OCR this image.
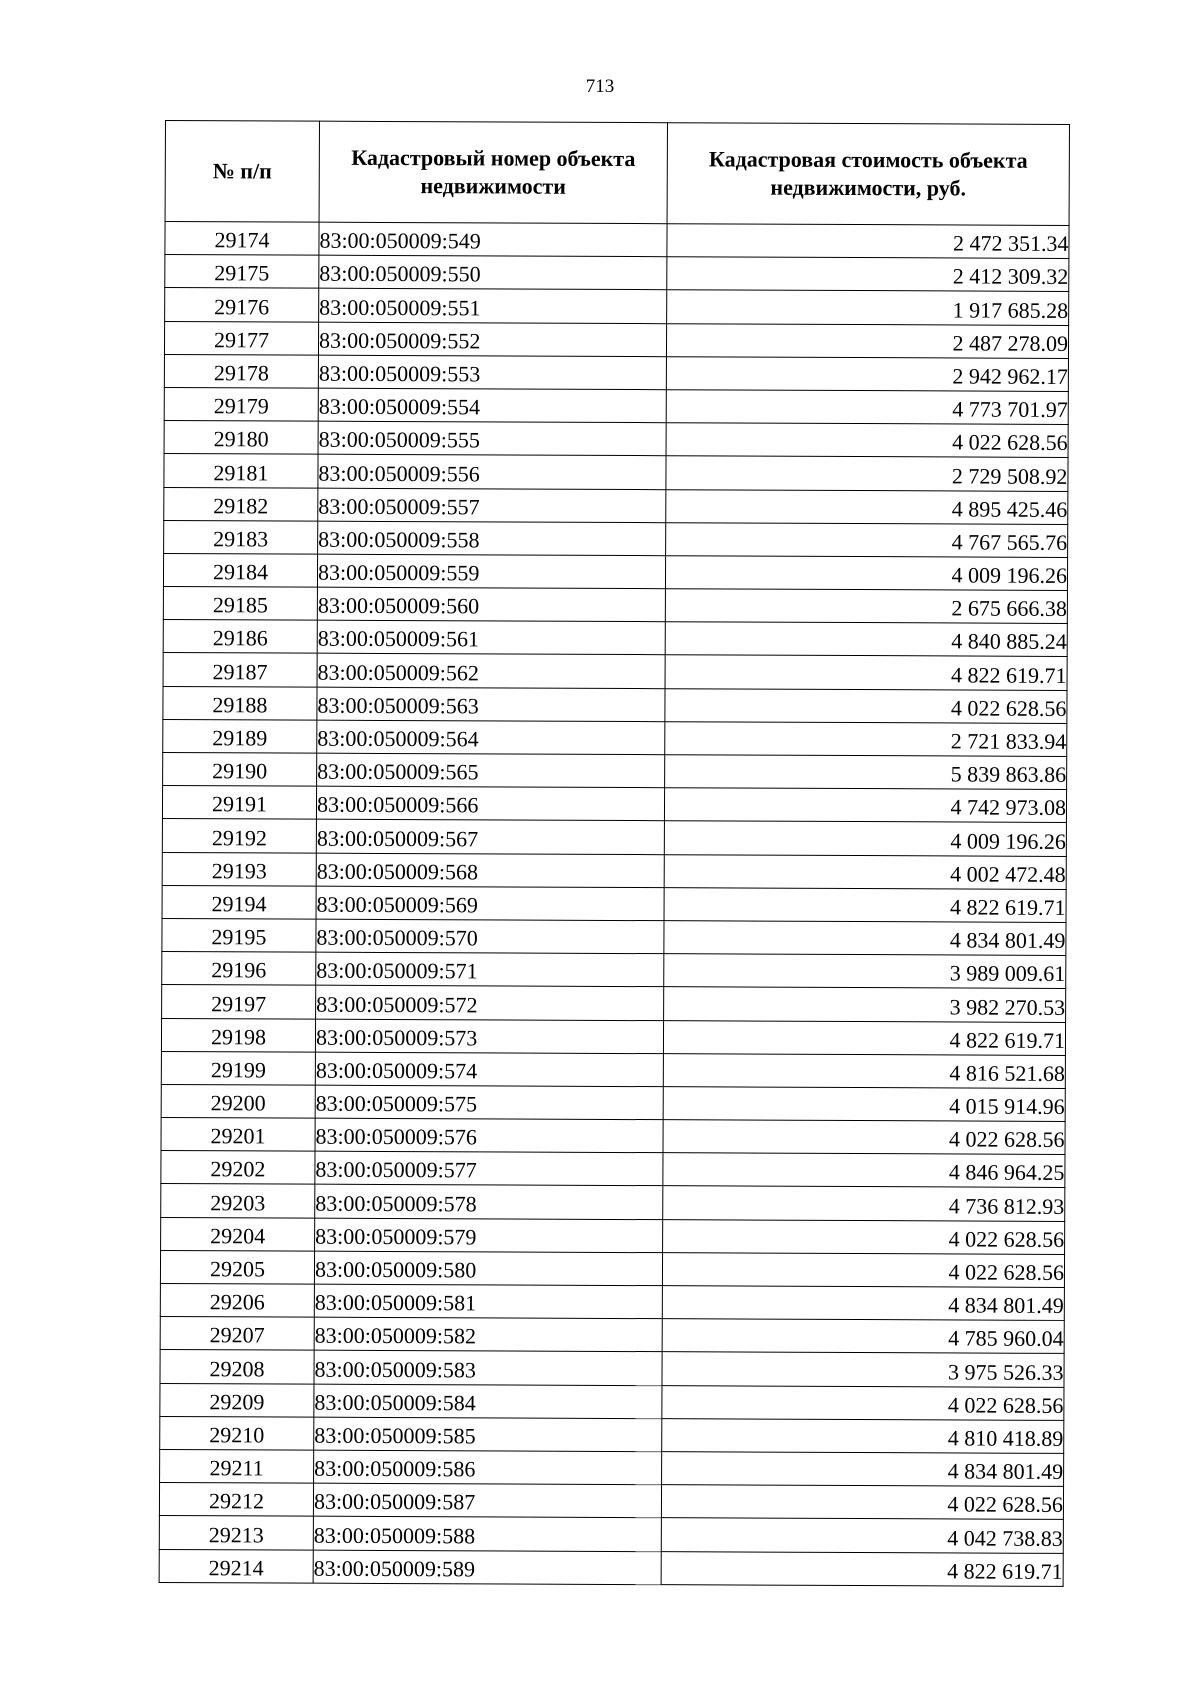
713
№ п/п	Кадастровый номер объекта недвижимости	Кадастровая стоимость объекта недвижимости, руб.
29174	83:00:050009:549	2 472 351.34
29175	83:00:050009:550	2 412 309.32
29176	83:00:050009:551	1 917 685.28
29177	83:00:050009:552	2 487 278.09
29178	83:00:050009:553	2 942 962.17
29179	83:00:050009:554	4 773 701.97
29180	83:00:050009:555	4 022 628.56
29181	83:00:050009:556	2 729 508.92
29182	83:00:050009:557	4 895 425.46
29183	83:00:050009:558	4 767 565.76
29184	83:00:050009:559	4 009 196.26
29185	83:00:050009:560	2 675 666.38
29186	83:00:050009:561	4 840 885.24
29187	83:00:050009:562	4 822 619.71
29188	83:00:050009:563	4 022 628.56
29189	83:00:050009:564	2 721 833.94
29190	83:00:050009:565	5 839 863.86
29191	83:00:050009:566	4 742 973.08
29192	83:00:050009:567	4 009 196.26
29193	83:00:050009:568	4 002 472.48
29194	83:00:050009:569	4 822 619.71
29195	83:00:050009:570	4 834 801.49
29196	83:00:050009:571	3 989 009.61
29197	83:00:050009:572	3 982 270.53
29198	83:00:050009:573	4 822 619.71
29199	83:00:050009:574	4 816 521.68
29200	83:00:050009:575	4 015 914.96
29201	83:00:050009:576	4 022 628.56
29202	83:00:050009:577	4 846 964.25
29203	83:00:050009:578	4 736 812.93
29204	83:00:050009:579	4 022 628.56
29205	83:00:050009:580	4 022 628.56
29206	83:00:050009:581	4 834 801.49
29207	83:00:050009:582	4 785 960.04
29208	83:00:050009:583	3 975 526.33
29209	83:00:050009:584	4 022 628.56
29210	83:00:050009:585	4 810 418.89
29211	83:00:050009:586	4 834 801.49
29212	83:00:050009:587	4 022 628.56
29213	83:00:050009:588	4 042 738.83
29214	83:00:050009:589	4 822 619.71
